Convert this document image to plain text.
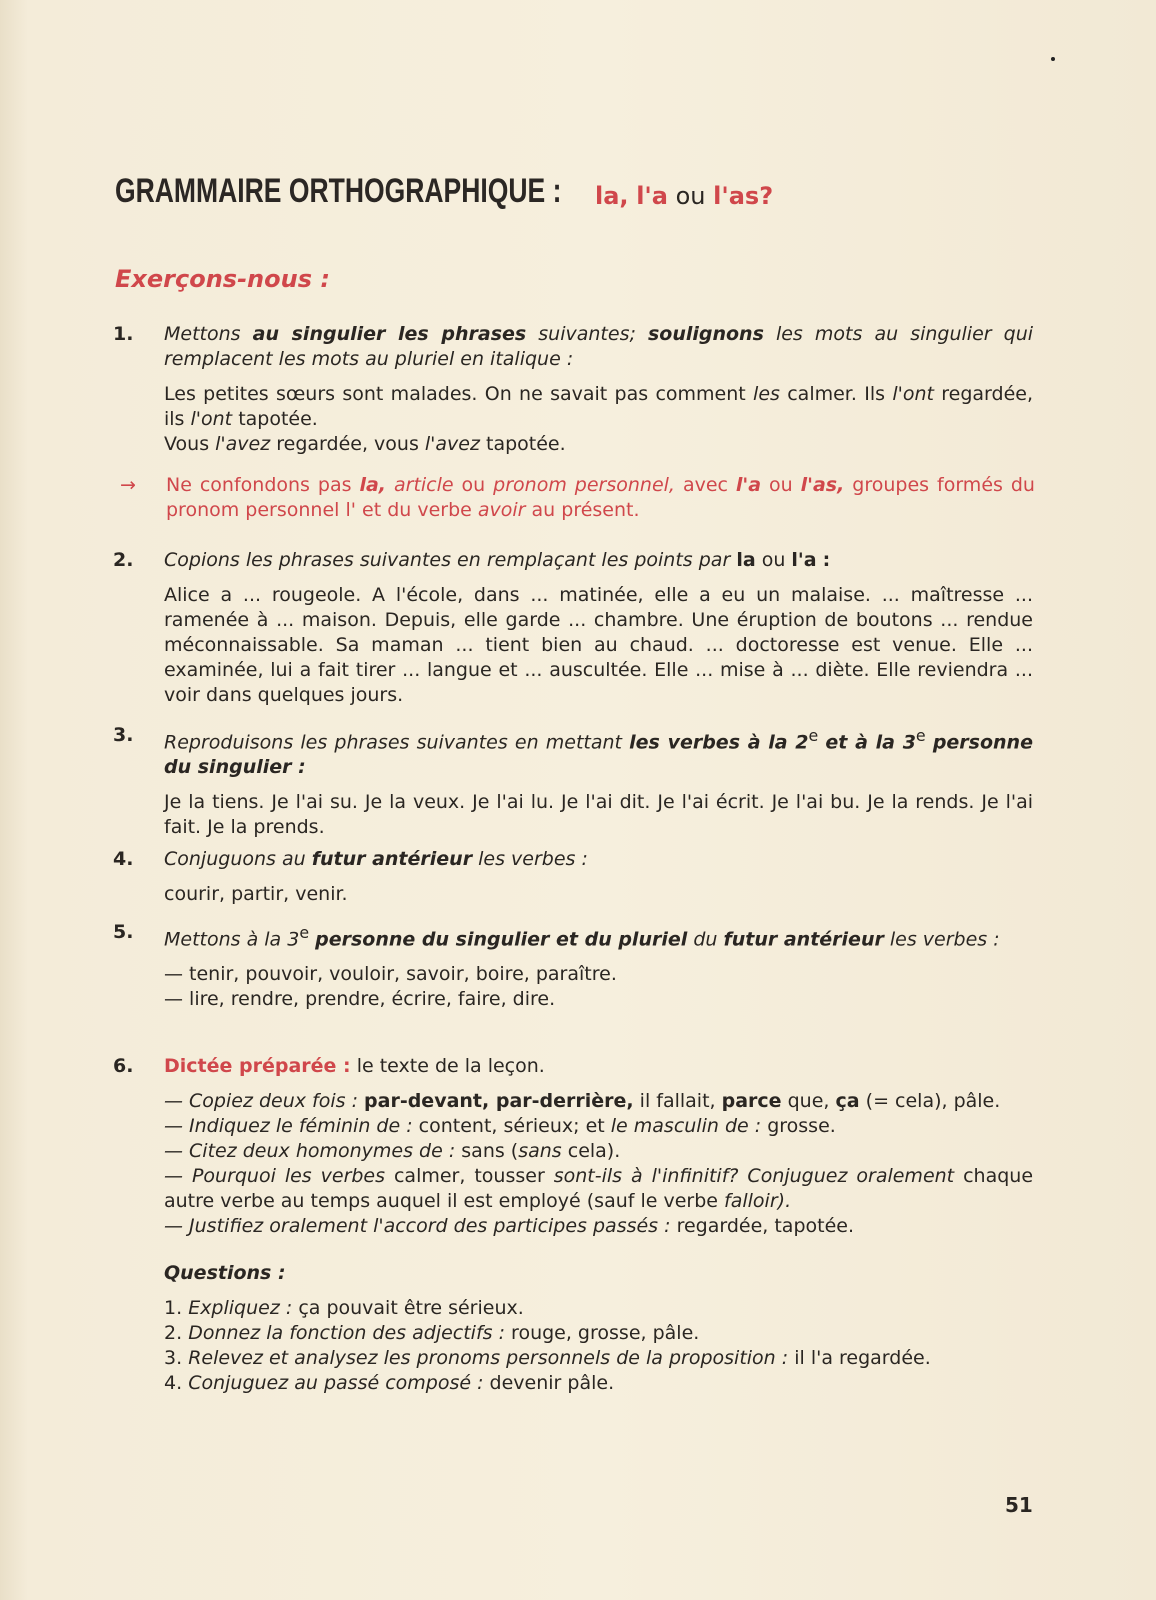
GRAMMAIRE ORTHOGRAPHIQUE :	la, l'a ou l'as?
Exerçons-nous :
1. Mettons au singulier les phrases suivantes; soulignons les mots au singulier qui remplacent les mots au pluriel en italique :
Les petites sœurs sont malades. On ne savait pas comment les calmer. Ils l'ont regardée, ils l'ont tapotée.
Vous l'avez regardée, vous l'avez tapotée.
→ Ne confondons pas la, article ou pronom personnel, avec l'a ou l'as, groupes formés du pronom personnel l' et du verbe avoir au présent.
2. Copions les phrases suivantes en remplaçant les points par la ou l'a :
Alice a ... rougeole. A l'école, dans ... matinée, elle a eu un malaise. ... maîtresse ... ramenée à ... maison. Depuis, elle garde ... chambre. Une éruption de boutons ... rendue méconnaissable. Sa maman ... tient bien au chaud. ... doctoresse est venue. Elle ... examinée, lui a fait tirer ... langue et ... auscultée. Elle ... mise à ... diète. Elle reviendra ... voir dans quelques jours.
3. Reproduisons les phrases suivantes en mettant les verbes à la 2e et à la 3e personne du singulier :
Je la tiens. Je l'ai su. Je la veux. Je l'ai lu. Je l'ai dit. Je l'ai écrit. Je l'ai bu. Je la rends. Je l'ai fait. Je la prends.
4. Conjuguons au futur antérieur les verbes :
courir, partir, venir.
5. Mettons à la 3e personne du singulier et du pluriel du futur antérieur les verbes :
— tenir, pouvoir, vouloir, savoir, boire, paraître.
— lire, rendre, prendre, écrire, faire, dire.
6. Dictée préparée : le texte de la leçon.
— Copiez deux fois : par-devant, par-derrière, il fallait, parce que, ça (= cela), pâle.
— Indiquez le féminin de : content, sérieux; et le masculin de : grosse.
— Citez deux homonymes de : sans (sans cela).
— Pourquoi les verbes calmer, tousser sont-ils à l'infinitif? Conjuguez oralement chaque autre verbe au temps auquel il est employé (sauf le verbe falloir).
— Justifiez oralement l'accord des participes passés : regardée, tapotée.
Questions :
1. Expliquez : ça pouvait être sérieux.
2. Donnez la fonction des adjectifs : rouge, grosse, pâle.
3. Relevez et analysez les pronoms personnels de la proposition : il l'a regardée.
4. Conjuguez au passé composé : devenir pâle.
51
